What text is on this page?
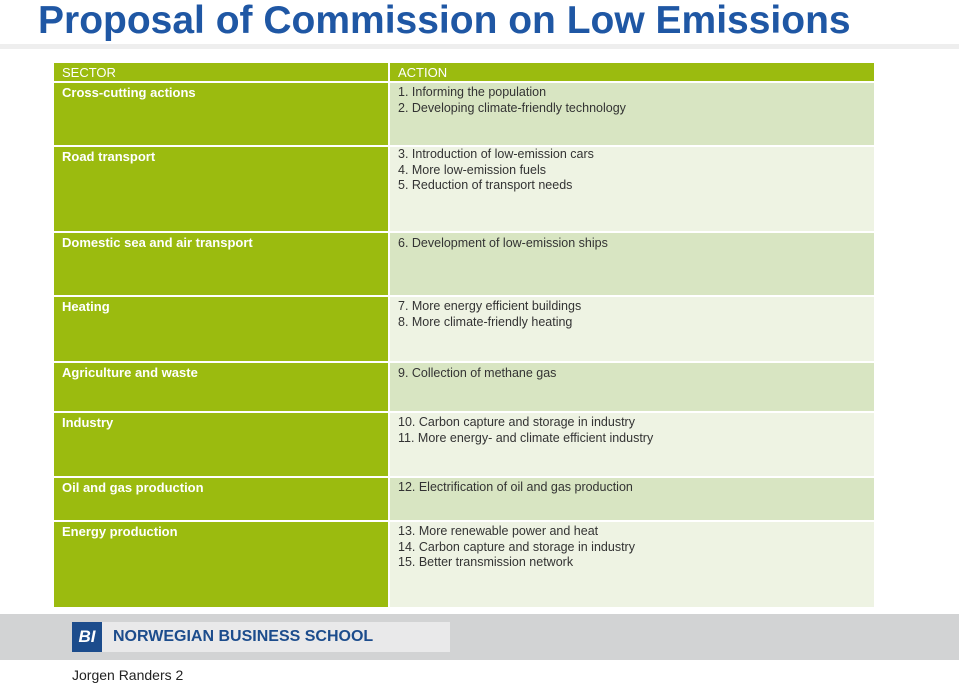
Proposal of Commission on Low Emissions
SECTOR	ACTION
Cross-cutting actions	1. Informing the population
2. Developing climate-friendly technology

Road transport	3. Introduction of low-emission cars
4. More low-emission fuels
5. Reduction of transport needs

Domestic sea and air transport	6. Development of low-emission ships

Heating	7. More energy efficient buildings
8. More climate-friendly heating

Agriculture and waste	9. Collection of methane gas

Industry	10. Carbon capture and storage in industry
11. More energy- and climate efficient industry

Oil and gas production	12. Electrification of oil and gas production

Energy production	13. More renewable power and heat
14. Carbon capture and storage in industry
15. Better transmission network
BI	NORWEGIAN BUSINESS SCHOOL
Jorgen Randers 2
